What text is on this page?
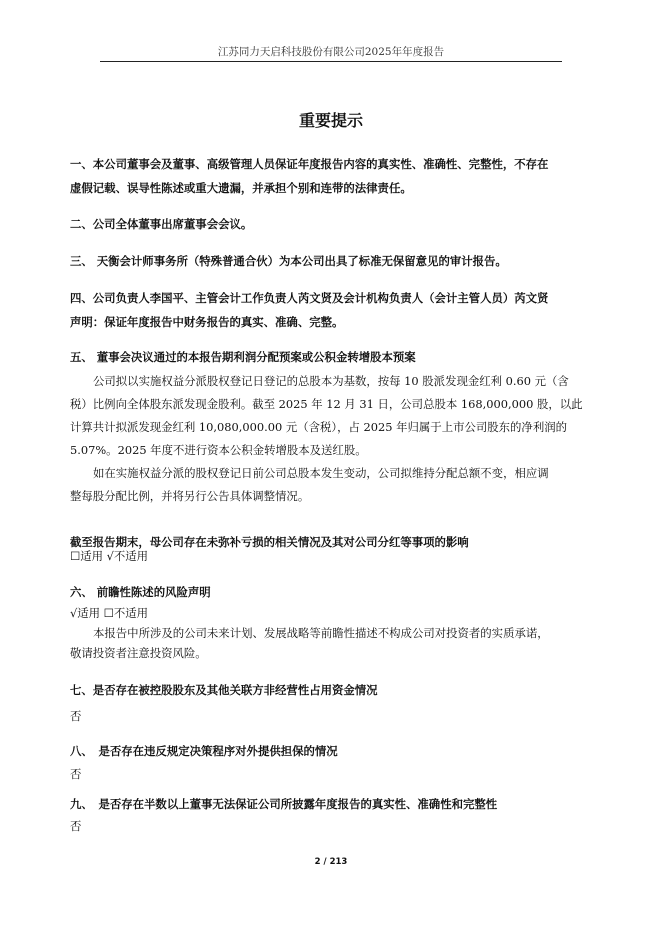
江苏同力天启科技股份有限公司2025年年度报告
重要提示
一、本公司董事会及董事、高级管理人员保证年度报告内容的真实性、准确性、完整性，不存在
虚假记载、误导性陈述或重大遗漏，并承担个别和连带的法律责任。
二、公司全体董事出席董事会会议。
三、 天衡会计师事务所（特殊普通合伙）为本公司出具了标准无保留意见的审计报告。
四、公司负责人李国平、主管会计工作负责人芮文贤及会计机构负责人（会计主管人员）芮文贤
声明：保证年度报告中财务报告的真实、准确、完整。
五、 董事会决议通过的本报告期利润分配预案或公积金转增股本预案
公司拟以实施权益分派股权登记日登记的总股本为基数，按每 10 股派发现金红利 0.60 元（含
税）比例向全体股东派发现金股利。截至 2025 年 12 月 31 日，公司总股本 168,000,000 股，以此
计算共计拟派发现金红利 10,080,000.00 元（含税），占 2025 年归属于上市公司股东的净利润的
5.07%。2025 年度不进行资本公积金转增股本及送红股。
如在实施权益分派的股权登记日前公司总股本发生变动，公司拟维持分配总额不变，相应调
整每股分配比例，并将另行公告具体调整情况。
截至报告期末，母公司存在未弥补亏损的相关情况及其对公司分红等事项的影响
☐适用 √不适用
六、 前瞻性陈述的风险声明
√适用 ☐不适用
本报告中所涉及的公司未来计划、发展战略等前瞻性描述不构成公司对投资者的实质承诺，
敬请投资者注意投资风险。
七、是否存在被控股股东及其他关联方非经营性占用资金情况
否
八、　是否存在违反规定决策程序对外提供担保的情况
否
九、　是否存在半数以上董事无法保证公司所披露年度报告的真实性、准确性和完整性
否
2 / 213
